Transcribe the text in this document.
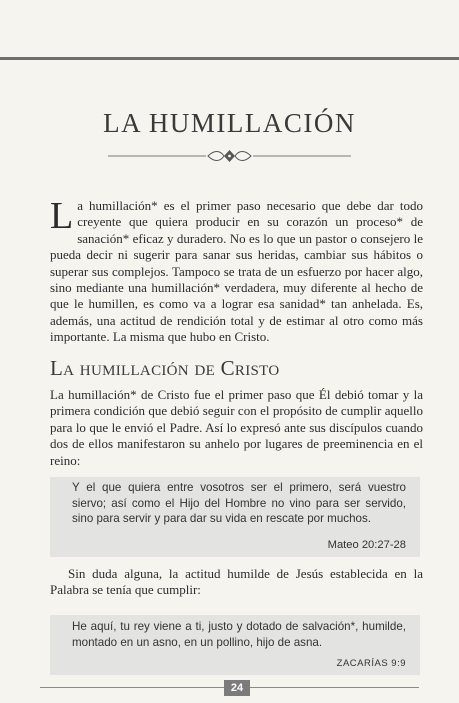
LA HUMILLACIÓN

L a humillación* es el primer paso necesario que debe dar todo creyente que quiera producir en su corazón un proceso* de sanación* eficaz y duradero. No es lo que un pastor o consejero le pueda decir ni sugerir para sanar sus heridas, cambiar sus hábitos o superar sus complejos. Tampoco se trata de un esfuerzo por hacer algo, sino mediante una humillación* verdadera, muy diferente al hecho de que le humillen, es como va a lograr esa sanidad* tan anhelada. Es, además, una actitud de rendición total y de estimar al otro como más importante. La misma que hubo en Cristo.

La humillación de Cristo

La humillación* de Cristo fue el primer paso que Él debió tomar y la primera condición que debió seguir con el propósito de cumplir aquello para lo que le envió el Padre. Así lo expresó ante sus discípulos cuando dos de ellos manifestaron su anhelo por lugares de preeminencia en el reino:

Y el que quiera entre vosotros ser el primero, será vuestro siervo; así como el Hijo del Hombre no vino para ser servido, sino para servir y para dar su vida en rescate por muchos.

Mateo 20:27-28

Sin duda alguna, la actitud humilde de Jesús establecida en la Palabra se tenía que cumplir:

He aquí, tu rey viene a ti, justo y dotado de salvación*, humilde, montado en un asno, en un pollino, hijo de asna.

ZACARÍAS 9:9
24
